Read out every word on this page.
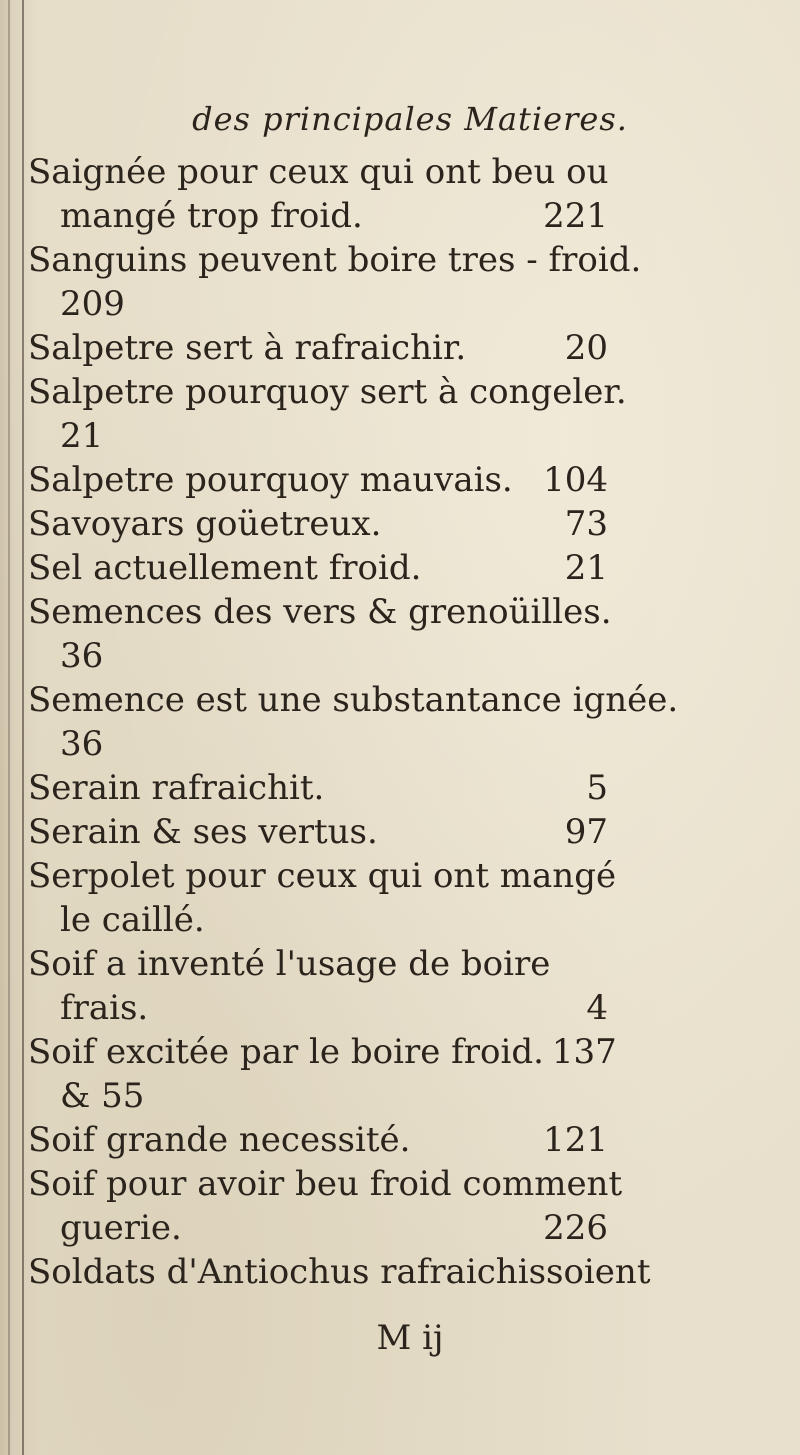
des principales Matieres.
Saignée pour ceux qui ont beu ou
mangé trop froid.	221
Sanguins peuvent boire tres - froid.
209
Salpetre sert à rafraichir.	20
Salpetre pourquoy sert à congeler.
21
Salpetre pourquoy mauvais. 104
Savoyars goüetreux.	73
Sel actuellement froid.	21
Semences des vers & grenoüilles.
36
Semence est une substantance ignée.
36
Serain rafraichit.	5
Serain & ses vertus.	97
Serpolet pour ceux qui ont mangé
le caillé.
Soif a inventé l'usage de boire
frais.	4
Soif excitée par le boire froid. 137
& 55
Soif grande necessité.	121
Soif pour avoir beu froid comment
guerie.	226
Soldats d'Antiochus rafraichissoient
M ij
